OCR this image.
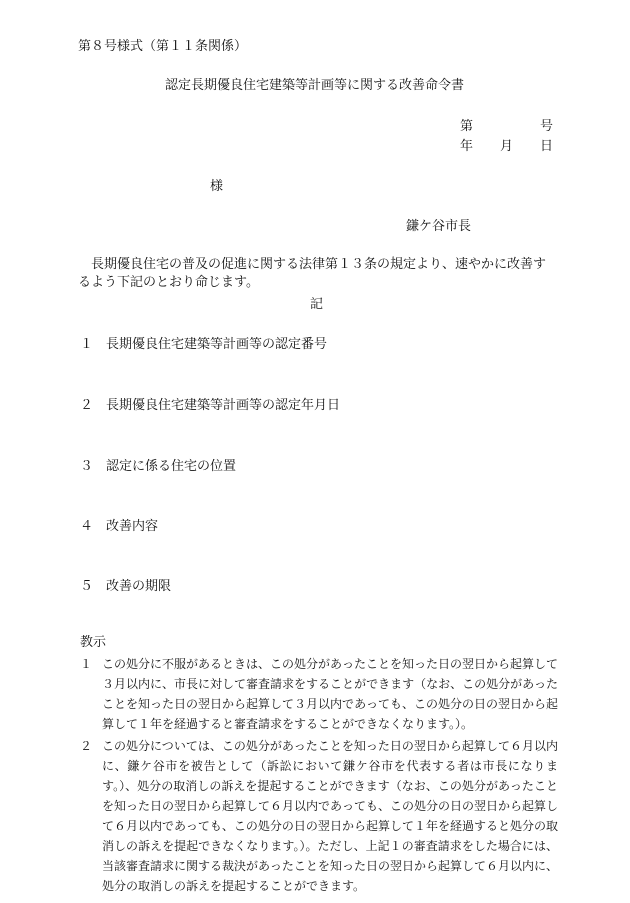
第８号様式（第１１条関係）
認定長期優良住宅建築等計画等に関する改善命令書
第	号
年 月 日
様
鎌ケ谷市長
長期優良住宅の普及の促進に関する法律第１３条の規定より、速やかに改善するよう下記のとおり命じます。
記
１ 長期優良住宅建築等計画等の認定番号
２ 長期優良住宅建築等計画等の認定年月日
３ 認定に係る住宅の位置
４ 改善内容
５ 改善の期限
教示
１ この処分に不服があるときは、この処分があったことを知った日の翌日から起算して３月以内に、市長に対して審査請求をすることができます（なお、この処分があったことを知った日の翌日から起算して３月以内であっても、この処分の日の翌日から起算して１年を経過すると審査請求をすることができなくなります。）。
２ この処分については、この処分があったことを知った日の翌日から起算して６月以内に、鎌ケ谷市を被告として（訴訟において鎌ケ谷市を代表する者は市長になります。）、処分の取消しの訴えを提起することができます（なお、この処分があったことを知った日の翌日から起算して６月以内であっても、この処分の日の翌日から起算して６月以内であっても、この処分の日の翌日から起算して１年を経過すると処分の取消しの訴えを提起できなくなります。）。ただし、上記１の審査請求をした場合には、当該審査請求に関する裁決があったことを知った日の翌日から起算して６月以内に、処分の取消しの訴えを提起することができます。
